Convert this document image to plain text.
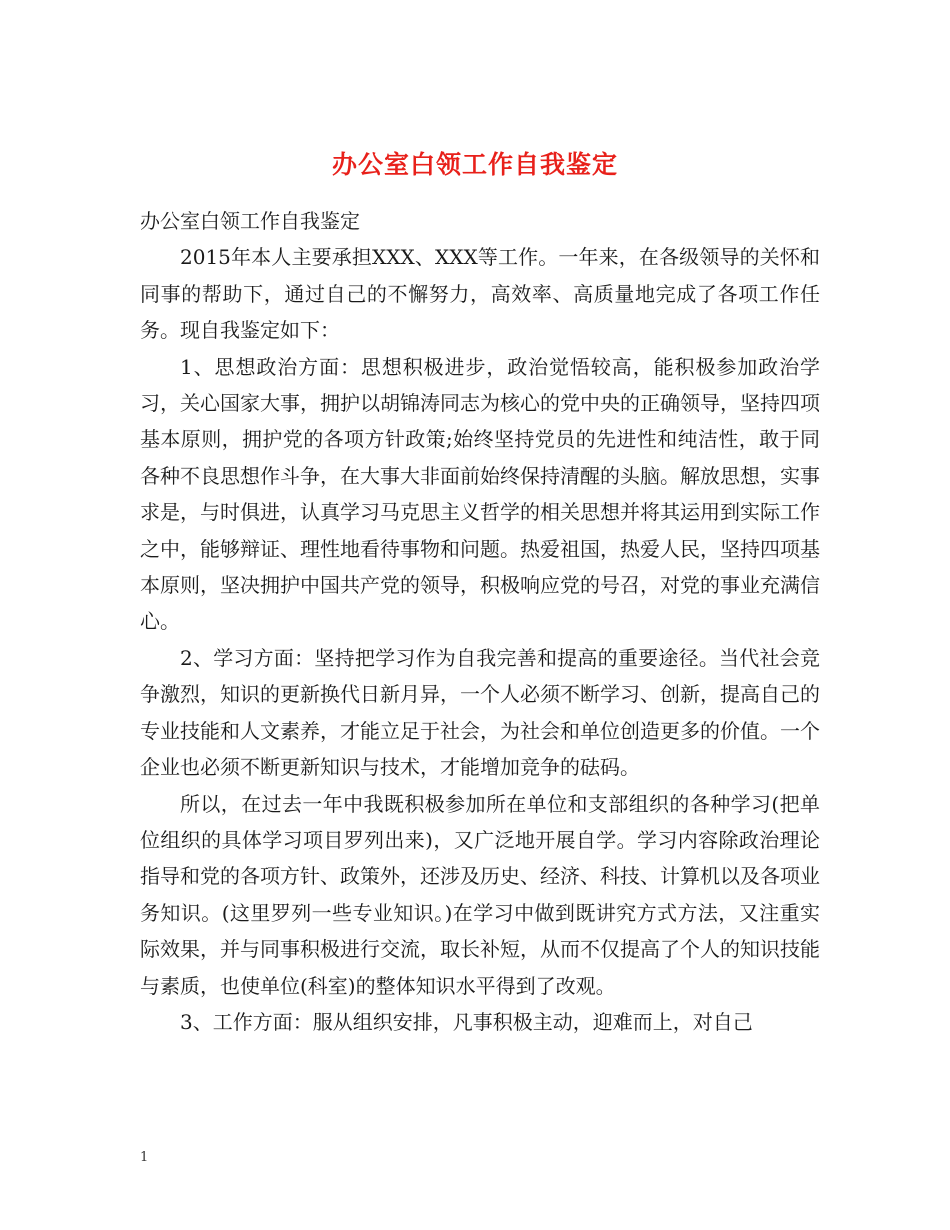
办公室白领工作自我鉴定

办公室白领工作自我鉴定

2015年本人主要承担XXX、XXX等工作。一年来，在各级领导的关怀和同事的帮助下，通过自己的不懈努力，高效率、高质量地完成了各项工作任务。现自我鉴定如下：

1、思想政治方面：思想积极进步，政治觉悟较高，能积极参加政治学习，关心国家大事，拥护以胡锦涛同志为核心的党中央的正确领导，坚持四项基本原则，拥护党的各项方针政策;始终坚持党员的先进性和纯洁性，敢于同各种不良思想作斗争，在大事大非面前始终保持清醒的头脑。解放思想，实事求是，与时俱进，认真学习马克思主义哲学的相关思想并将其运用到实际工作之中，能够辩证、理性地看待事物和问题。热爱祖国，热爱人民，坚持四项基本原则，坚决拥护中国共产党的领导，积极响应党的号召，对党的事业充满信心。

2、学习方面：坚持把学习作为自我完善和提高的重要途径。当代社会竞争激烈，知识的更新换代日新月异，一个人必须不断学习、创新，提高自己的专业技能和人文素养，才能立足于社会，为社会和单位创造更多的价值。一个企业也必须不断更新知识与技术，才能增加竞争的砝码。

所以，在过去一年中我既积极参加所在单位和支部组织的各种学习(把单位组织的具体学习项目罗列出来)，又广泛地开展自学。学习内容除政治理论指导和党的各项方针、政策外，还涉及历史、经济、科技、计算机以及各项业务知识。(这里罗列一些专业知识。)在学习中做到既讲究方式方法，又注重实际效果，并与同事积极进行交流，取长补短，从而不仅提高了个人的知识技能与素质，也使单位(科室)的整体知识水平得到了改观。

3、工作方面：服从组织安排，凡事积极主动，迎难而上，对自己

1
